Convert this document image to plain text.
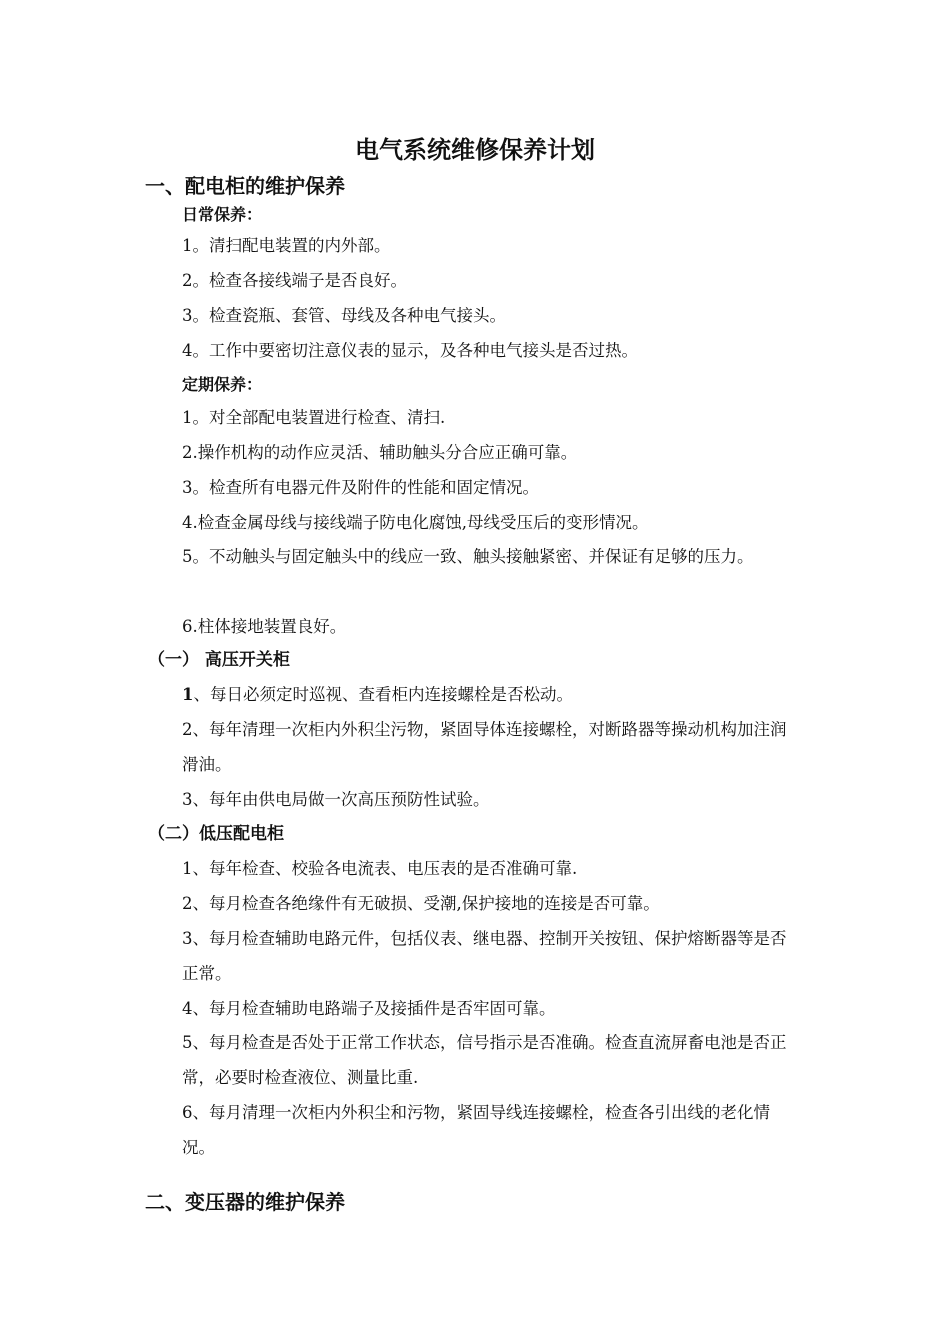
电气系统维修保养计划
一、配电柜的维护保养
日常保养：
1。清扫配电装置的内外部。
2。检查各接线端子是否良好。
3。检查瓷瓶、套管、母线及各种电气接头。
4。工作中要密切注意仪表的显示，及各种电气接头是否过热。
定期保养：
1。对全部配电装置进行检查、清扫.
2.操作机构的动作应灵活、辅助触头分合应正确可靠。
3。检查所有电器元件及附件的性能和固定情况。
4.检查金属母线与接线端子防电化腐蚀,母线受压后的变形情况。
5。不动触头与固定触头中的线应一致、触头接触紧密、并保证有足够的压力。
6.柱体接地装置良好。
（一） 高压开关柜
1、每日必须定时巡视、查看柜内连接螺栓是否松动。
2、每年清理一次柜内外积尘污物，紧固导体连接螺栓，对断路器等操动机构加注润滑油。
3、每年由供电局做一次高压预防性试验。
（二）低压配电柜
1、每年检查、校验各电流表、电压表的是否准确可靠.
2、每月检查各绝缘件有无破损、受潮,保护接地的连接是否可靠。
3、每月检查辅助电路元件，包括仪表、继电器、控制开关按钮、保护熔断器等是否正常。
4、每月检查辅助电路端子及接插件是否牢固可靠。
5、每月检查是否处于正常工作状态，信号指示是否准确。检查直流屏畜电池是否正常，必要时检查液位、测量比重.
6、每月清理一次柜内外积尘和污物，紧固导线连接螺栓，检查各引出线的老化情况。
二、变压器的维护保养
